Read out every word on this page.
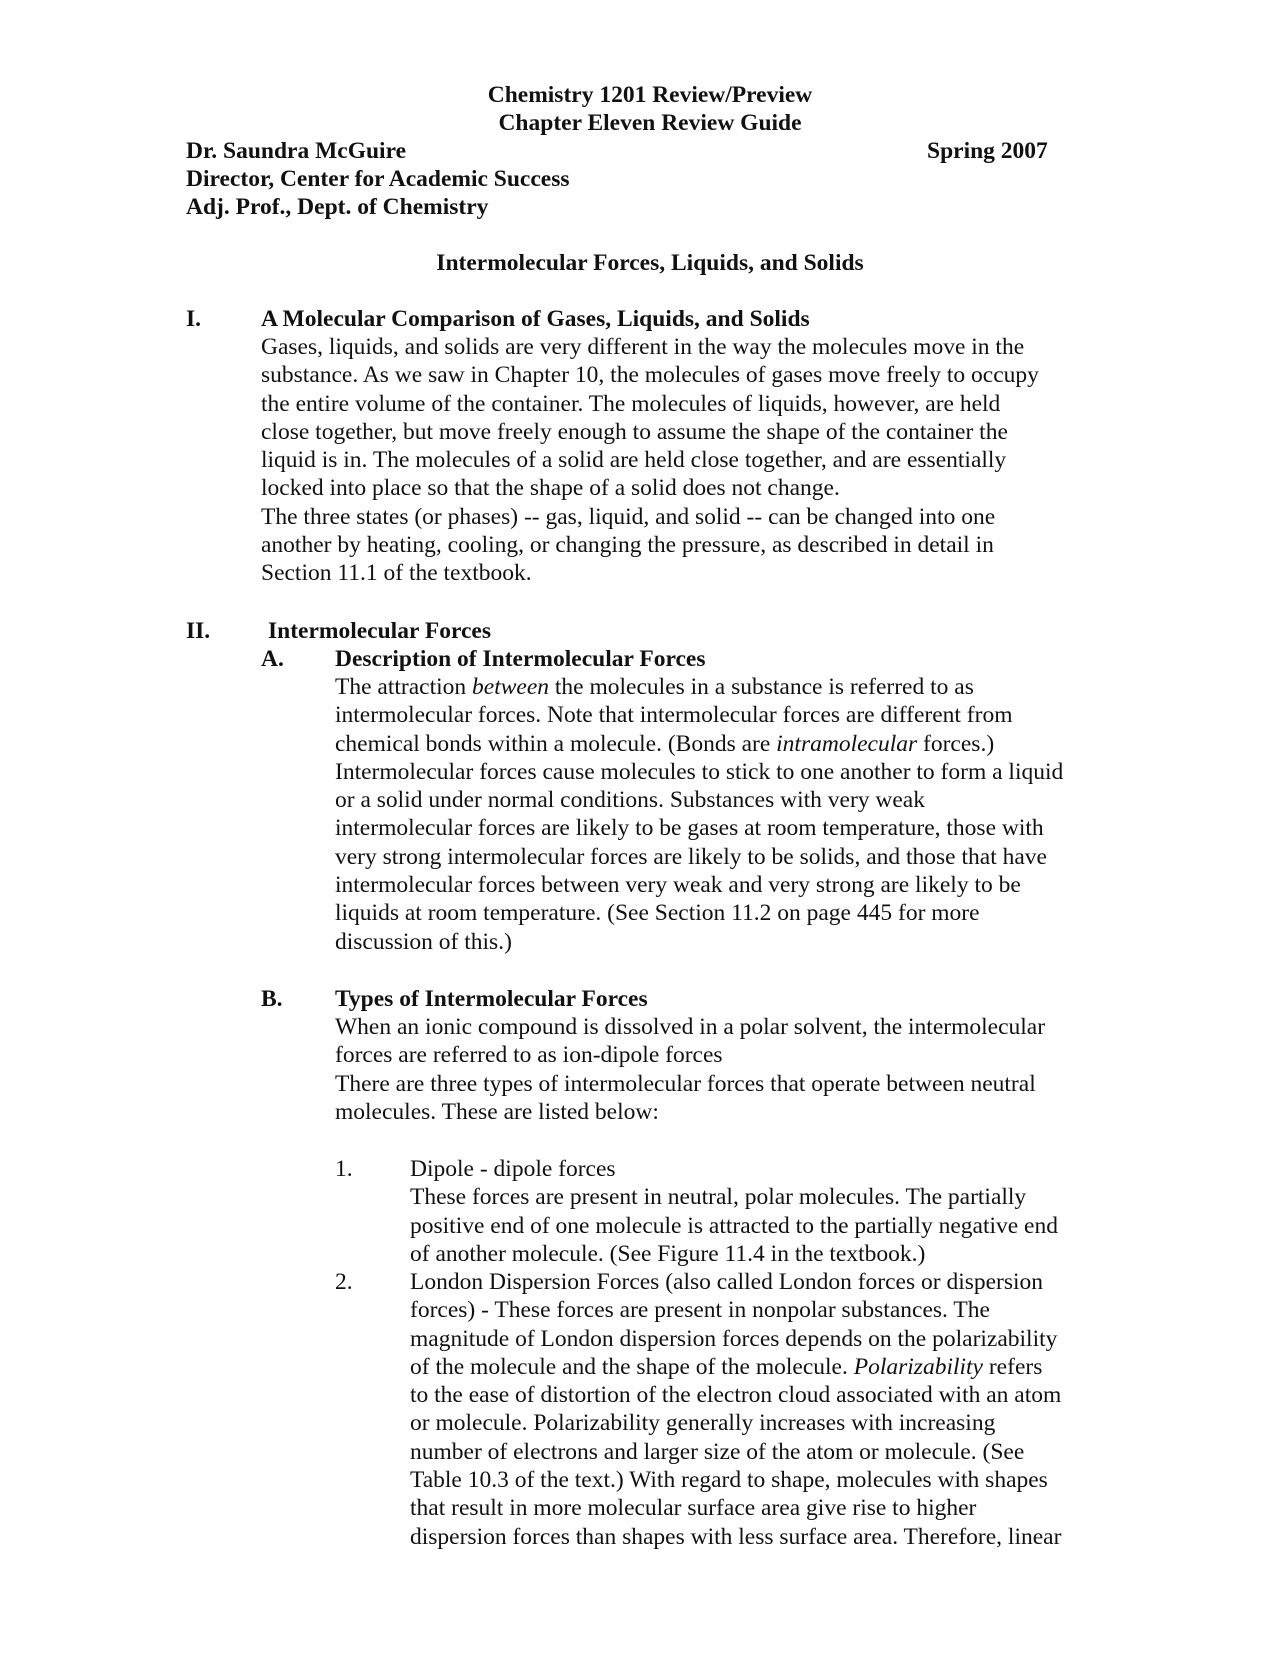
Chemistry 1201 Review/Preview
Chapter Eleven Review Guide
Dr. Saundra McGuire	Spring 2007
Director, Center for Academic Success
Adj. Prof., Dept. of Chemistry
Intermolecular Forces, Liquids, and Solids
I.	A Molecular Comparison of Gases, Liquids, and Solids

Gases, liquids, and solids are very different in the way the molecules move in the

substance. As we saw in Chapter 10, the molecules of gases move freely to occupy

the entire volume of the container. The molecules of liquids, however, are held

close together, but move freely enough to assume the shape of the container the

liquid is in. The molecules of a solid are held close together, and are essentially

locked into place so that the shape of a solid does not change.

The three states (or phases) -- gas, liquid, and solid -- can be changed into one

another by heating, cooling, or changing the pressure, as described in detail in

Section 11.1 of the textbook.

II. Intermolecular Forces
A. Description of Intermolecular Forces

The attraction between the molecules in a substance is referred to as

intermolecular forces. Note that intermolecular forces are different from

chemical bonds within a molecule. (Bonds are intramolecular forces.)

Intermolecular forces cause molecules to stick to one another to form a liquid

or a solid under normal conditions. Substances with very weak

intermolecular forces are likely to be gases at room temperature, those with

very strong intermolecular forces are likely to be solids, and those that have

intermolecular forces between very weak and very strong are likely to be

liquids at room temperature. (See Section 11.2 on page 445 for more

discussion of this.)

B. Types of Intermolecular Forces

When an ionic compound is dissolved in a polar solvent, the intermolecular

forces are referred to as ion-dipole forces

There are three types of intermolecular forces that operate between neutral

molecules. These are listed below:

1. Dipole - dipole forces

These forces are present in neutral, polar molecules. The partially

positive end of one molecule is attracted to the partially negative end

of another molecule. (See Figure 11.4 in the textbook.)

2. London Dispersion Forces (also called London forces or dispersion

forces) - These forces are present in nonpolar substances. The

magnitude of London dispersion forces depends on the polarizability

of the molecule and the shape of the molecule. Polarizability refers

to the ease of distortion of the electron cloud associated with an atom

or molecule. Polarizability generally increases with increasing

number of electrons and larger size of the atom or molecule. (See

Table 10.3 of the text.) With regard to shape, molecules with shapes

that result in more molecular surface area give rise to higher

dispersion forces than shapes with less surface area. Therefore, linear
